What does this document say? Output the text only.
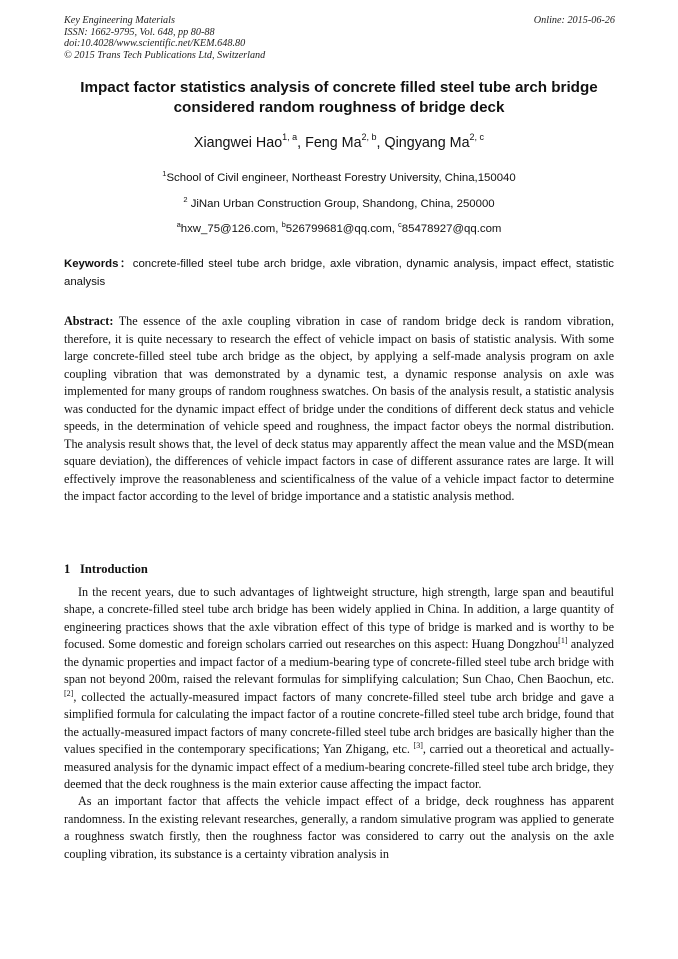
Key Engineering Materials
ISSN: 1662-9795, Vol. 648, pp 80-88
doi:10.4028/www.scientific.net/KEM.648.80
© 2015 Trans Tech Publications Ltd, Switzerland
Online: 2015-06-26
Impact factor statistics analysis of concrete filled steel tube arch bridge
considered random roughness of bridge deck
Xiangwei Hao$^{1, a}$, Feng Ma$^{2, b}$, Qingyang Ma$^{2, c}$
$^1$School of Civil engineer, Northeast Forestry University, China,150040
$^2$ JiNan Urban Construction Group, Shandong, China, 250000
$^a$hxw_75@126.com, $^b$526799681@qq.com, $^c$85478927@qq.com
Keywords：concrete-filled steel tube arch bridge, axle vibration, dynamic analysis, impact effect, statistic analysis
Abstract: The essence of the axle coupling vibration in case of random bridge deck is random vibration, therefore, it is quite necessary to research the effect of vehicle impact on basis of statistic analysis. With some large concrete-filled steel tube arch bridge as the object, by applying a self-made analysis program on axle coupling vibration that was demonstrated by a dynamic test, a dynamic response analysis on axle was implemented for many groups of random roughness swatches. On basis of the analysis result, a statistic analysis was conducted for the dynamic impact effect of bridge under the conditions of different deck status and vehicle speeds, in the determination of vehicle speed and roughness, the impact factor obeys the normal distribution. The analysis result shows that, the level of deck status may apparently affect the mean value and the MSD(mean square deviation), the differences of vehicle impact factors in case of different assurance rates are large. It will effectively improve the reasonableness and scientificalness of the value of a vehicle impact factor to determine the impact factor according to the level of bridge importance and a statistic analysis method.
1 Introduction

In the recent years, due to such advantages of lightweight structure, high strength, large span and beautiful shape, a concrete-filled steel tube arch bridge has been widely applied in China. In addition, a large quantity of engineering practices shows that the axle vibration effect of this type of bridge is marked and is worthy to be focused. Some domestic and foreign scholars carried out researches on this aspect: Huang Dongzhou[1] analyzed the dynamic properties and impact factor of a medium-bearing type of concrete-filled steel tube arch bridge with span not beyond 200m, raised the relevant formulas for simplifying calculation; Sun Chao, Chen Baochun, etc. [2], collected the actually-measured impact factors of many concrete-filled steel tube arch bridge and gave a simplified formula for calculating the impact factor of a routine concrete-filled steel tube arch bridge, found that the actually-measured impact factors of many concrete-filled steel tube arch bridges are basically higher than the values specified in the contemporary specifications; Yan Zhigang, etc. [3], carried out a theoretical and actually-measured analysis for the dynamic impact effect of a medium-bearing concrete-filled steel tube arch bridge, they deemed that the deck roughness is the main exterior cause affecting the impact factor.

As an important factor that affects the vehicle impact effect of a bridge, deck roughness has apparent randomness. In the existing relevant researches, generally, a random simulative program was applied to generate a roughness swatch firstly, then the roughness factor was considered to carry out the analysis on the axle coupling vibration, its substance is a certainty vibration analysis in
